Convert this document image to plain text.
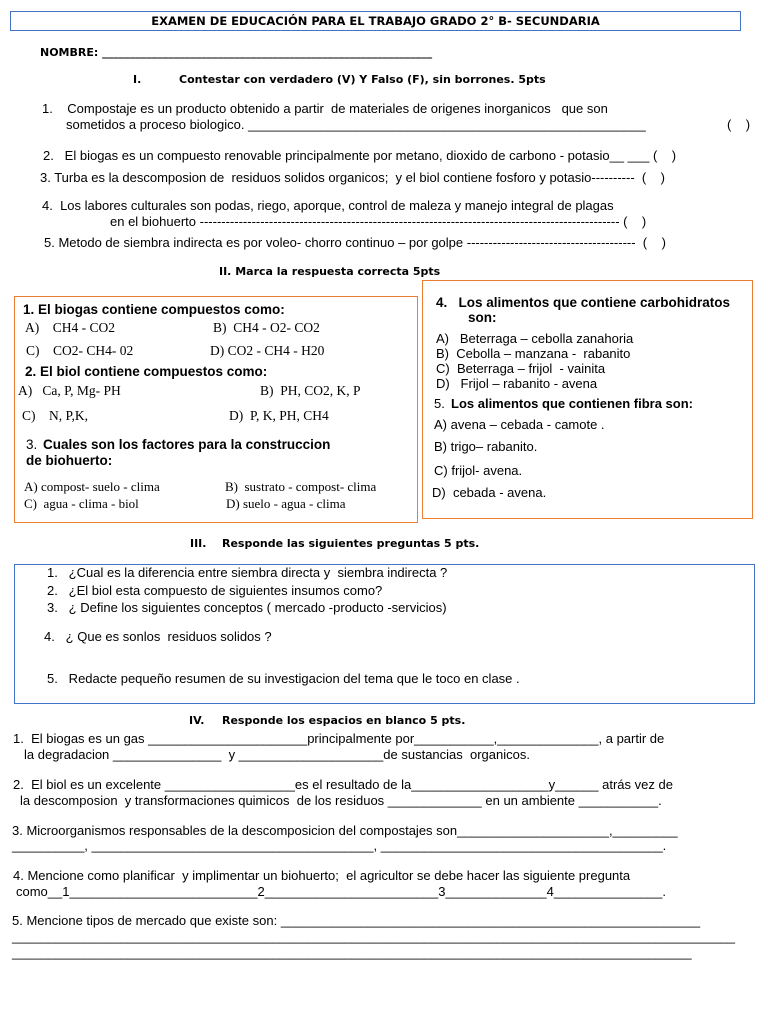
EXAMEN DE EDUCACIÓN PARA EL TRABAJO GRADO 2° B- SECUNDARIA
NOMBRE: ____________________________________________________________
I.	Contestar con verdadero (V) Y Falso (F), sin borrones. 5pts
1.    Compostaje es un producto obtenido a partir  de materiales de origenes inorganicos   que son
sometidos a proceso biologico. _______________________________________________________	(    )
2.   El biogas es un compuesto renovable principalmente por metano, dioxido de carbono - potasio__ ___ (    )
3. Turba es la descomposion de  residuos solidos organicos;  y el biol contiene fosforo y potasio----------  (    )
4.  Los labores culturales son podas, riego, aporque, control de maleza y manejo integral de plagas
en el biohuerto ------------------------------------------------------------------------------------------------- (    )
5. Metodo de siembra indirecta es por voleo- chorro continuo – por golpe ---------------------------------------  (    )
II. Marca la respuesta correcta 5pts
1. El biogas contiene compuestos como:
A)    CH4 - CO2	B)  CH4 - O2- CO2
C)    CO2- CH4- 02	D) CO2 - CH4 - H20
2. El biol contiene compuestos como:
A)   Ca, P, Mg- PH	B)  PH, CO2, K, P
C)    N, P,K,	D)  P, K, PH, CH4
3. Cuales son los factores para la construccion
de biohuerto:
A) compost- suelo - clima	B)  sustrato - compost- clima
C)  agua - clima - biol	D) suelo - agua - clima
4.   Los alimentos que contiene carbohidratos
son:
A)   Beterraga – cebolla zanahoria
B)  Cebolla – manzana -  rabanito
C)  Beterraga – frijol  - vainita
D)   Frijol – rabanito - avena
5. Los alimentos que contienen fibra son:
A) avena – cebada - camote .
B) trigo– rabanito.
C) frijol- avena.
D)  cebada - avena.
III. Responde las siguientes preguntas 5 pts.
1.   ¿Cual es la diferencia entre siembra directa y  siembra indirecta ?
2.   ¿El biol esta compuesto de siguientes insumos como?
3.   ¿ Define los siguientes conceptos ( mercado -producto -servicios)
4.   ¿ Que es sonlos  residuos solidos ?
5.   Redacte pequeño resumen de su investigacion del tema que le toco en clase .
IV. Responde los espacios en blanco 5 pts.
1.  El biogas es un gas ______________________principalmente por___________,______________, a partir de
la degradacion _______________  y ____________________de sustancias  organicos.
2.  El biol es un excelente __________________es el resultado de la___________________y______ atrás vez de
la descomposion  y transformaciones quimicos  de los residuos _____________ en un ambiente ___________.
3. Microorganismos responsables de la descomposicion del compostajes son_____________________,_________
__________, _______________________________________, _______________________________________.
4. Mencione como planificar  y implimentar un biohuerto;  el agricultor se debe hacer las siguiente pregunta
como__1__________________________2________________________3______________4_______________.
5. Mencione tipos de mercado que existe son: __________________________________________________________
____________________________________________________________________________________________________
______________________________________________________________________________________________
